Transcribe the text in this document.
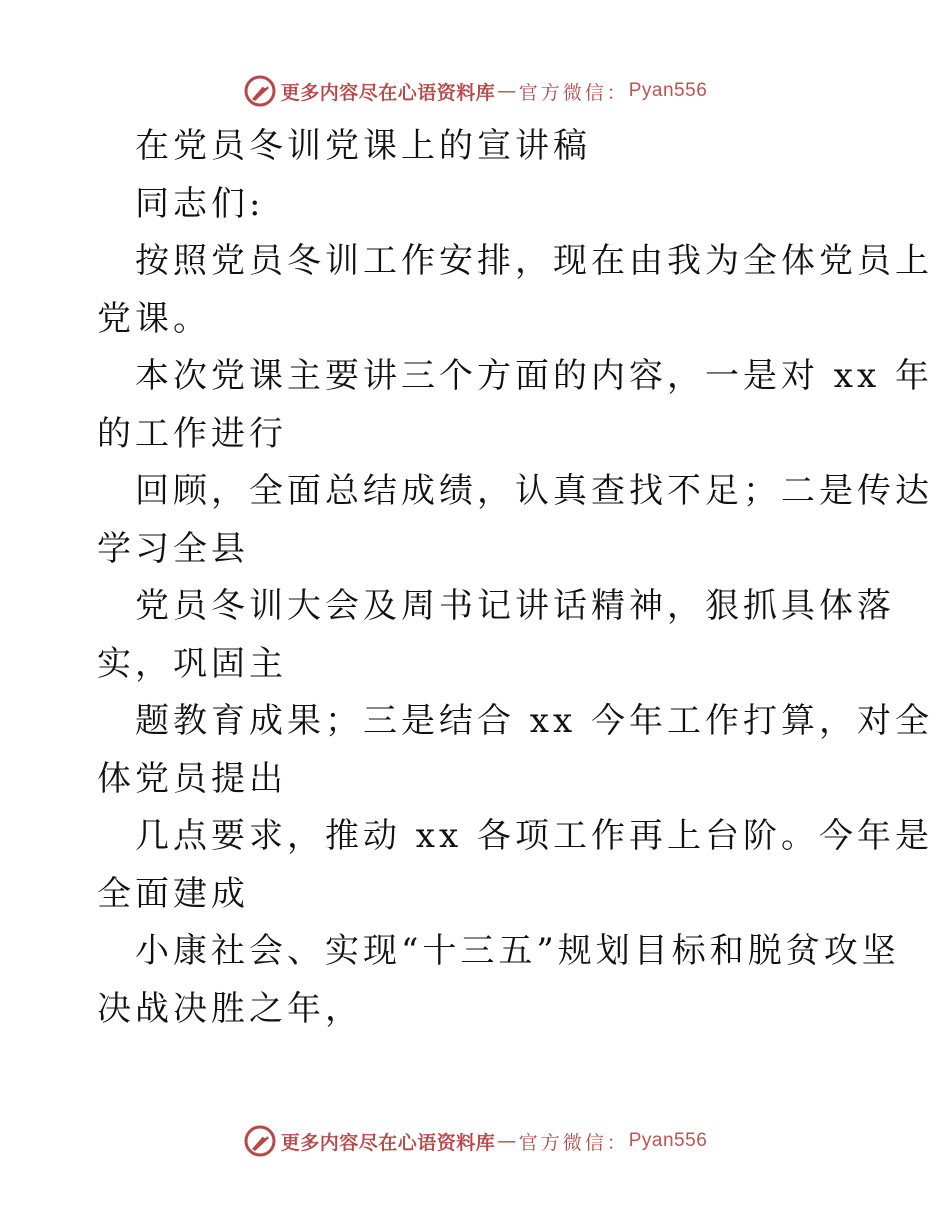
更多内容尽在心语资料库 — 官方微信： Pyan556
在党员冬训党课上的宣讲稿
同志们:
按照党员冬训工作安排，现在由我为全体党员上
党课。
本次党课主要讲三个方面的内容，一是对 xx 年
的工作进行
回顾，全面总结成绩，认真查找不足；二是传达
学习全县
党员冬训大会及周书记讲话精神，狠抓具体落
实，巩固主
题教育成果；三是结合 xx 今年工作打算，对全
体党员提出
几点要求，推动 xx 各项工作再上台阶。今年是
全面建成
小康社会、实现“十三五”规划目标和脱贫攻坚
决战决胜之年，
更多内容尽在心语资料库 — 官方微信： Pyan556
